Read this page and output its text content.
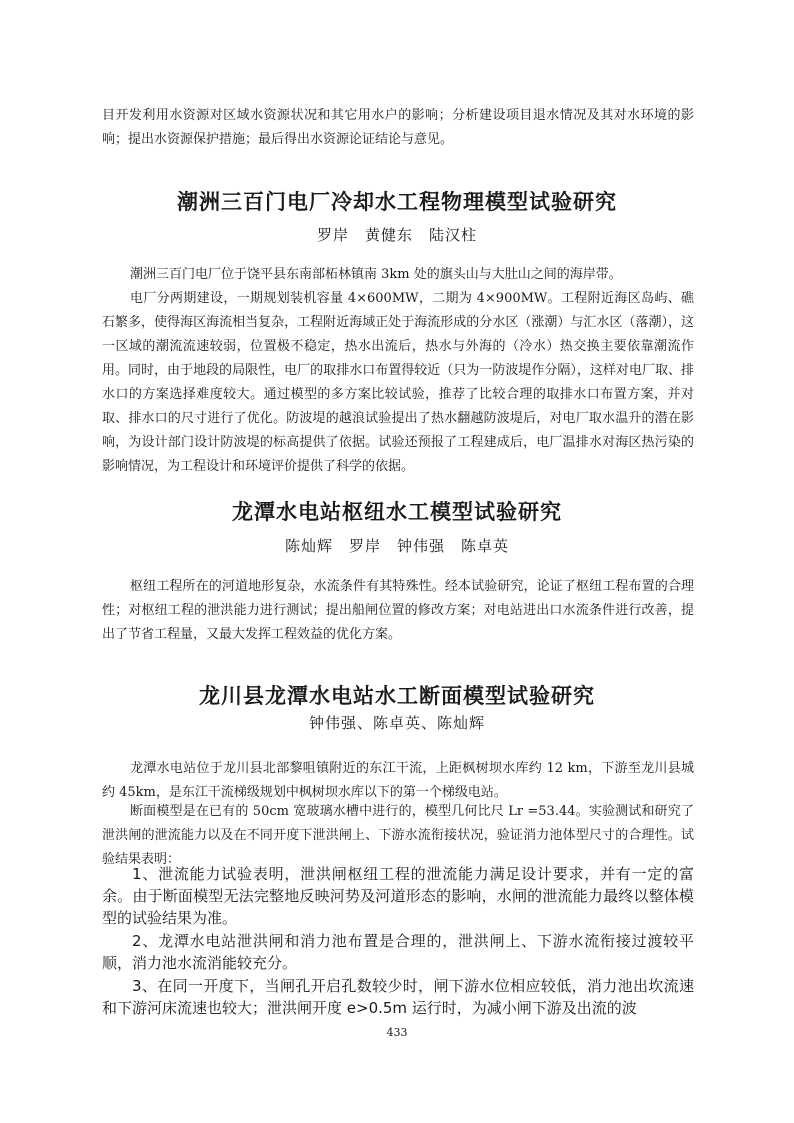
目开发利用水资源对区域水资源状况和其它用水户的影响；分析建设项目退水情况及其对水环境的影响；提出水资源保护措施；最后得出水资源论证结论与意见。

潮洲三百门电厂冷却水工程物理模型试验研究

罗岸　黄健东　陆汉柱

潮洲三百门电厂位于饶平县东南部柘林镇南 3km 处的旗头山与大肚山之间的海岸带。

电厂分两期建设，一期规划装机容量 4×600MW，二期为 4×900MW。工程附近海区岛屿、礁石繁多，使得海区海流相当复杂，工程附近海域正处于海流形成的分水区（涨潮）与汇水区（落潮），这一区域的潮流流速较弱，位置极不稳定，热水出流后，热水与外海的（冷水）热交换主要依靠潮流作用。同时，由于地段的局限性，电厂的取排水口布置得较近（只为一防波堤作分隔），这样对电厂取、排水口的方案选择难度较大。通过模型的多方案比较试验，推荐了比较合理的取排水口布置方案，并对取、排水口的尺寸进行了优化。防波堤的越浪试验提出了热水翻越防波堤后，对电厂取水温升的潜在影响，为设计部门设计防波堤的标高提供了依据。试验还预报了工程建成后，电厂温排水对海区热污染的影响情况，为工程设计和环境评价提供了科学的依据。

龙潭水电站枢纽水工模型试验研究

陈灿辉　罗岸　钟伟强　陈卓英

枢纽工程所在的河道地形复杂，水流条件有其特殊性。经本试验研究，论证了枢纽工程布置的合理性；对枢纽工程的泄洪能力进行测试；提出船闸位置的修改方案；对电站进出口水流条件进行改善，提出了节省工程量，又最大发挥工程效益的优化方案。

龙川县龙潭水电站水工断面模型试验研究

钟伟强、陈卓英、陈灿辉

龙潭水电站位于龙川县北部黎咀镇附近的东江干流，上距枫树坝水库约 12 km，下游至龙川县城约 45km，是东江干流梯级规划中枫树坝水库以下的第一个梯级电站。

断面模型是在已有的 50cm 宽玻璃水槽中进行的，模型几何比尺 Lr =53.44。实验测试和研究了泄洪闸的泄流能力以及在不同开度下泄洪闸上、下游水流衔接状况，验证消力池体型尺寸的合理性。试验结果表明：

1、泄流能力试验表明，泄洪闸枢纽工程的泄流能力满足设计要求，并有一定的富余。由于断面模型无法完整地反映河势及河道形态的影响，水闸的泄流能力最终以整体模型的试验结果为准。

2、龙潭水电站泄洪闸和消力池布置是合理的，泄洪闸上、下游水流衔接过渡较平顺，消力池水流消能较充分。

3、在同一开度下，当闸孔开启孔数较少时，闸下游水位相应较低，消力池出坎流速和下游河床流速也较大；泄洪闸开度 e>0.5m 运行时，为减小闸下游及出流的波

433
